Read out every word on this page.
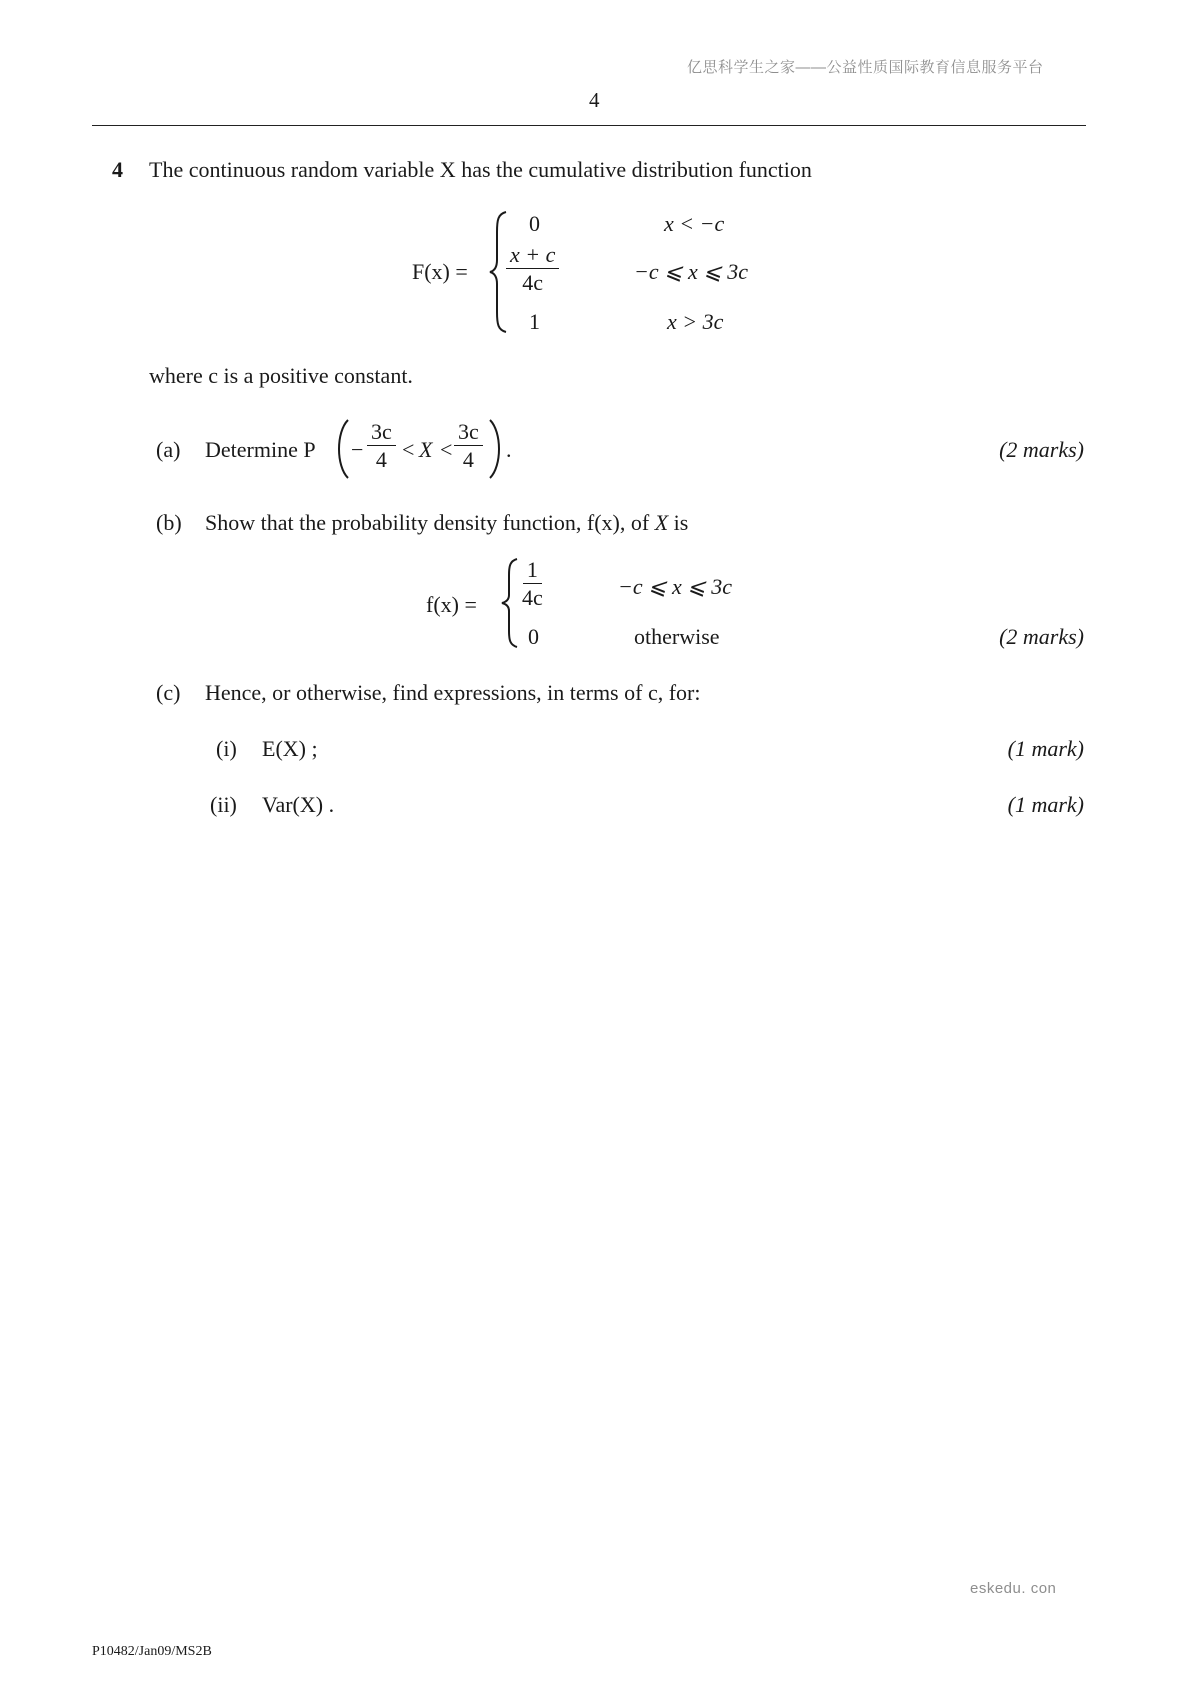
亿思科学生之家——公益性质国际教育信息服务平台
4
4 The continuous random variable X has the cumulative distribution function
F(x) =
0	x < −c
$\frac{x + c}{4c}$	−c ⩽ x ⩽ 3c
1	x > 3c
where c is a positive constant.
(a) Determine $P - \frac{3c}{4} < X < \frac{3c}{4}$ .	(2 marks)
(b) Show that the probability density function, f(x), of X is
$f(x) = \frac{1}{4c}$	−c ⩽ x ⩽ 3c
0	otherwise	(2 marks)
(c) Hence, or otherwise, find expressions, in terms of c, for:
(i) E(X) ;	(1 mark)
(ii) Var(X) .	(1 mark)
eskedu. con
P10482/Jan09/MS2B
